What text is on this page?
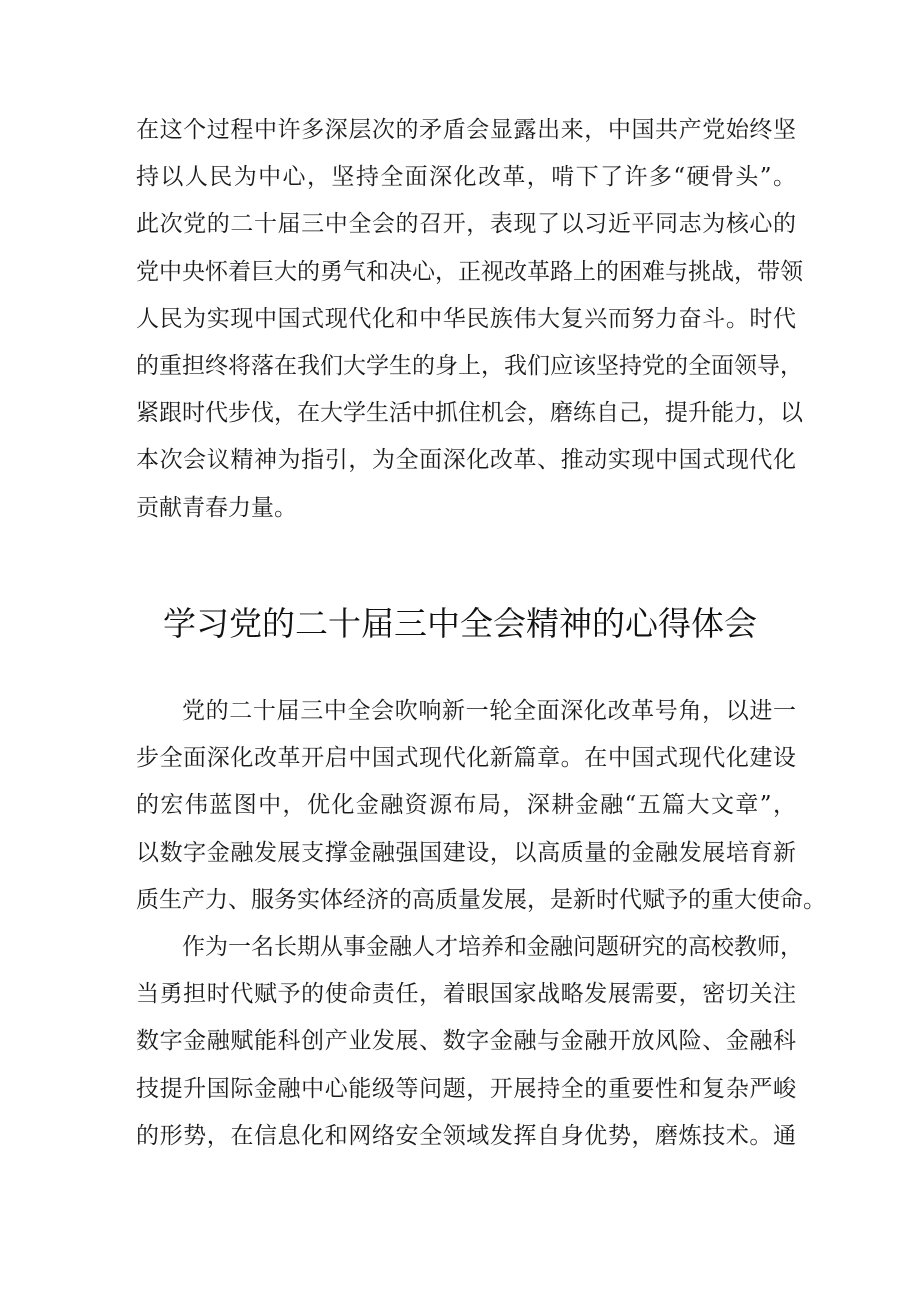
在这个过程中许多深层次的矛盾会显露出来，中国共产党始终坚
持以人民为中心，坚持全面深化改革，啃下了许多“硬骨头”。
此次党的二十届三中全会的召开，表现了以习近平同志为核心的
党中央怀着巨大的勇气和决心，正视改革路上的困难与挑战，带领
人民为实现中国式现代化和中华民族伟大复兴而努力奋斗。时代
的重担终将落在我们大学生的身上，我们应该坚持党的全面领导，
紧跟时代步伐，在大学生活中抓住机会，磨练自己，提升能力，以
本次会议精神为指引，为全面深化改革、推动实现中国式现代化
贡献青春力量。
学习党的二十届三中全会精神的心得体会
党的二十届三中全会吹响新一轮全面深化改革号角，以进一
步全面深化改革开启中国式现代化新篇章。在中国式现代化建设
的宏伟蓝图中，优化金融资源布局，深耕金融“五篇大文章”，
以数字金融发展支撑金融强国建设，以高质量的金融发展培育新
质生产力、服务实体经济的高质量发展，是新时代赋予的重大使命。
作为一名长期从事金融人才培养和金融问题研究的高校教师，
当勇担时代赋予的使命责任，着眼国家战略发展需要，密切关注
数字金融赋能科创产业发展、数字金融与金融开放风险、金融科
技提升国际金融中心能级等问题，开展持全的重要性和复杂严峻
的形势，在信息化和网络安全领域发挥自身优势，磨炼技术。通
